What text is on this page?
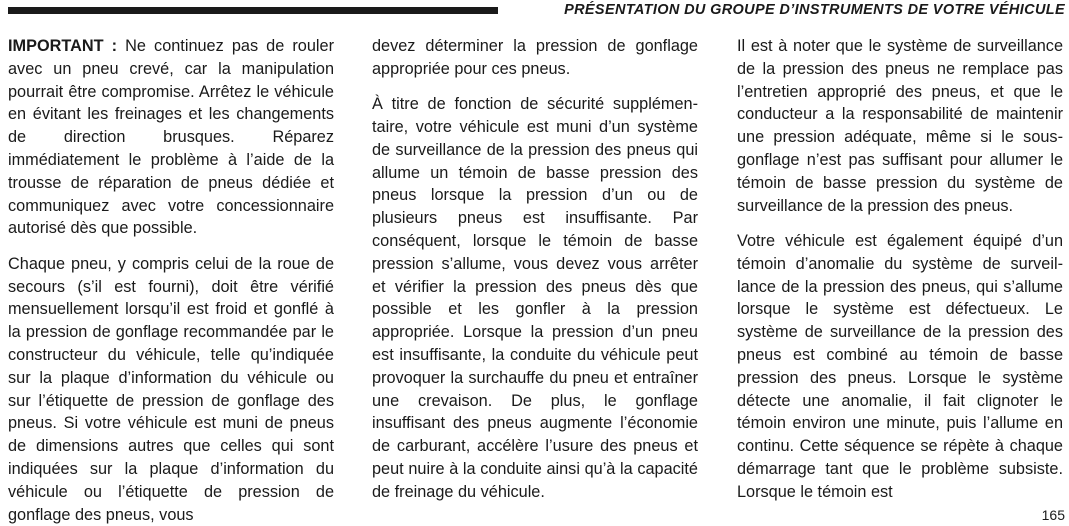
PRÉSENTATION DU GROUPE D’INSTRUMENTS DE VOTRE VÉHICULE

IMPORTANT : Ne continuez pas de rouler avec un pneu crevé, car la manipulation pourrait être compromise. Arrêtez le véhicule en évitant les freinages et les changements de direction brusques. Réparez immédiatement le problème à l’aide de la trousse de réparation de pneus dédiée et communiquez avec votre concessionnaire autorisé dès que possible.

Chaque pneu, y compris celui de la roue de secours (s’il est fourni), doit être vérifié mensuellement lorsqu’il est froid et gonflé à la pression de gonflage recommandée par le constructeur du véhicule, telle qu’indiquée sur la plaque d’information du véhicule ou sur l’étiquette de pression de gonflage des pneus. Si votre véhicule est muni de pneus de dimensions autres que celles qui sont indiquées sur la plaque d’information du véhicule ou l’étiquette de pression de gonflage des pneus, vous

devez déterminer la pression de gonflage appropriée pour ces pneus.

À titre de fonction de sécurité supplémentaire, votre véhicule est muni d’un système de surveillance de la pression des pneus qui allume un témoin de basse pression des pneus lorsque la pression d’un ou de plusieurs pneus est insuffisante. Par conséquent, lorsque le témoin de basse pression s’allume, vous devez vous arrêter et vérifier la pression des pneus dès que possible et les gonfler à la pression appropriée. Lorsque la pression d’un pneu est insuffisante, la conduite du véhicule peut provoquer la surchauffe du pneu et entraîner une crevaison. De plus, le gonflage insuffisant des pneus augmente l’économie de carburant, accélère l’usure des pneus et peut nuire à la conduite ainsi qu’à la capacité de freinage du véhicule.

Il est à noter que le système de surveillance de la pression des pneus ne remplace pas l’entretien approprié des pneus, et que le conducteur a la responsabilité de maintenir une pression adéquate, même si le sous-gonflage n’est pas suffisant pour allumer le témoin de basse pression du système de surveillance de la pression des pneus.

Votre véhicule est également équipé d’un témoin d’anomalie du système de surveillance de la pression des pneus, qui s’allume lorsque le système est défectueux. Le système de surveillance de la pression des pneus est combiné au témoin de basse pression des pneus. Lorsque le système détecte une anomalie, il fait clignoter le témoin environ une minute, puis l’allume en continu. Cette séquence se répète à chaque démarrage tant que le problème subsiste. Lorsque le témoin est

165
